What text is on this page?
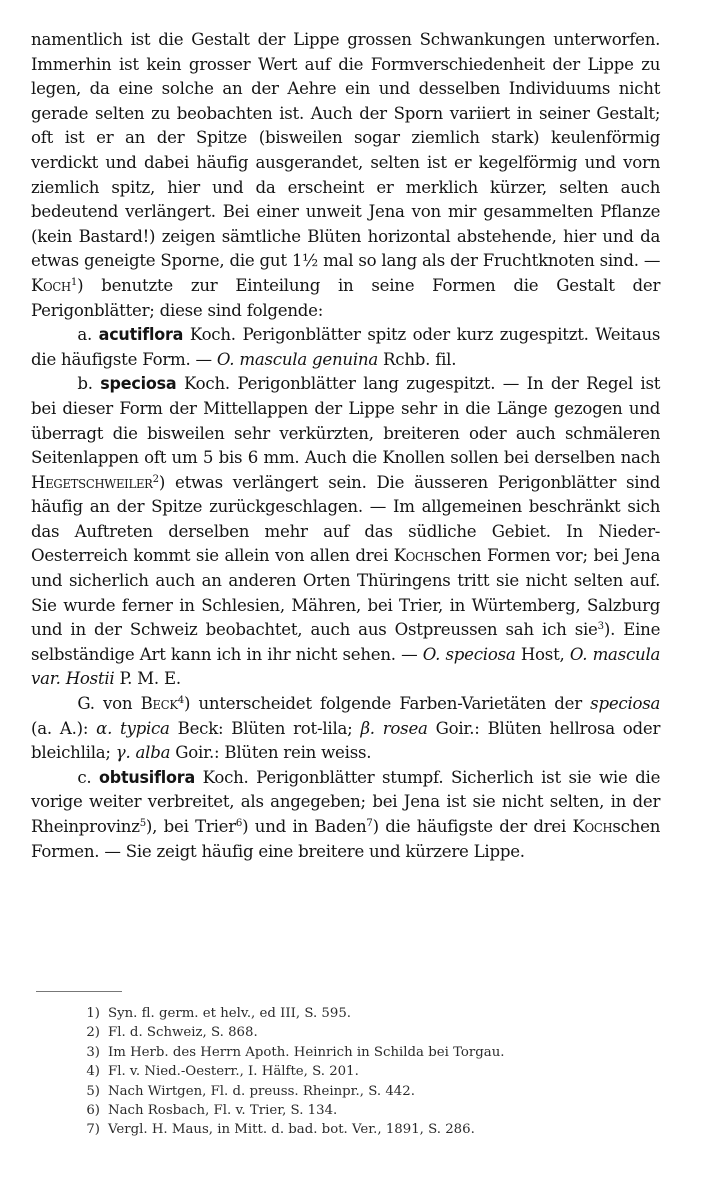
namentlich ist die Gestalt der Lippe grossen Schwankungen unterworfen. Immerhin ist kein grosser Wert auf die Formverschiedenheit der Lippe zu legen, da eine solche an der Aehre ein und desselben Individuums nicht gerade selten zu beobachten ist. Auch der Sporn variiert in seiner Gestalt; oft ist er an der Spitze (bisweilen sogar ziemlich stark) keulenförmig verdickt und dabei häufig ausgerandet, selten ist er kegelförmig und vorn ziemlich spitz, hier und da erscheint er merklich kürzer, selten auch bedeutend verlängert. Bei einer unweit Jena von mir gesammelten Pflanze (kein Bastard!) zeigen sämtliche Blüten horizontal abstehende, hier und da etwas geneigte Sporne, die gut 1½ mal so lang als der Fruchtknoten sind. — Koch$^1$) benutzte zur Einteilung in seine Formen die Gestalt der Perigonblätter; diese sind folgende:

a. acutiflora Koch. Perigonblätter spitz oder kurz zugespitzt. Weitaus die häufigste Form. — O. mascula genuina Rchb. fil.

b. speciosa Koch. Perigonblätter lang zugespitzt. — In der Regel ist bei dieser Form der Mittellappen der Lippe sehr in die Länge gezogen und überragt die bisweilen sehr verkürzten, breiteren oder auch schmäleren Seitenlappen oft um 5 bis 6 mm. Auch die Knollen sollen bei derselben nach Hegetschweiler$^2$) etwas verlängert sein. Die äusseren Perigonblätter sind häufig an der Spitze zurückgeschlagen. — Im allgemeinen beschränkt sich das Auftreten derselben mehr auf das südliche Gebiet. In Nieder-Oesterreich kommt sie allein von allen drei Kochschen Formen vor; bei Jena und sicherlich auch an anderen Orten Thüringens tritt sie nicht selten auf. Sie wurde ferner in Schlesien, Mähren, bei Trier, in Würtemberg, Salzburg und in der Schweiz beobachtet, auch aus Ostpreussen sah ich sie$^3$). Eine selbständige Art kann ich in ihr nicht sehen. — O. speciosa Host, O. mascula var. Hostii P. M. E.

G. von Beck$^4$) unterscheidet folgende Farben-Varietäten der speciosa (a. A.): α. typica Beck: Blüten rot-lila; β. rosea Goir.: Blüten hellrosa oder bleichlila; γ. alba Goir.: Blüten rein weiss.

c. obtusiflora Koch. Perigonblätter stumpf. Sicherlich ist sie wie die vorige weiter verbreitet, als angegeben; bei Jena ist sie nicht selten, in der Rheinprovinz$^5$), bei Trier$^6$) und in Baden$^7$) die häufigste der drei Kochschen Formen. — Sie zeigt häufig eine breitere und kürzere Lippe.

1) Syn. fl. germ. et helv., ed III, S. 595.
2) Fl. d. Schweiz, S. 868.
3) Im Herb. des Herrn Apoth. Heinrich in Schilda bei Torgau.
4) Fl. v. Nied.-Oesterr., I. Hälfte, S. 201.
5) Nach Wirtgen, Fl. d. preuss. Rheinpr., S. 442.
6) Nach Rosbach, Fl. v. Trier, S. 134.
7) Vergl. H. Maus, in Mitt. d. bad. bot. Ver., 1891, S. 286.
